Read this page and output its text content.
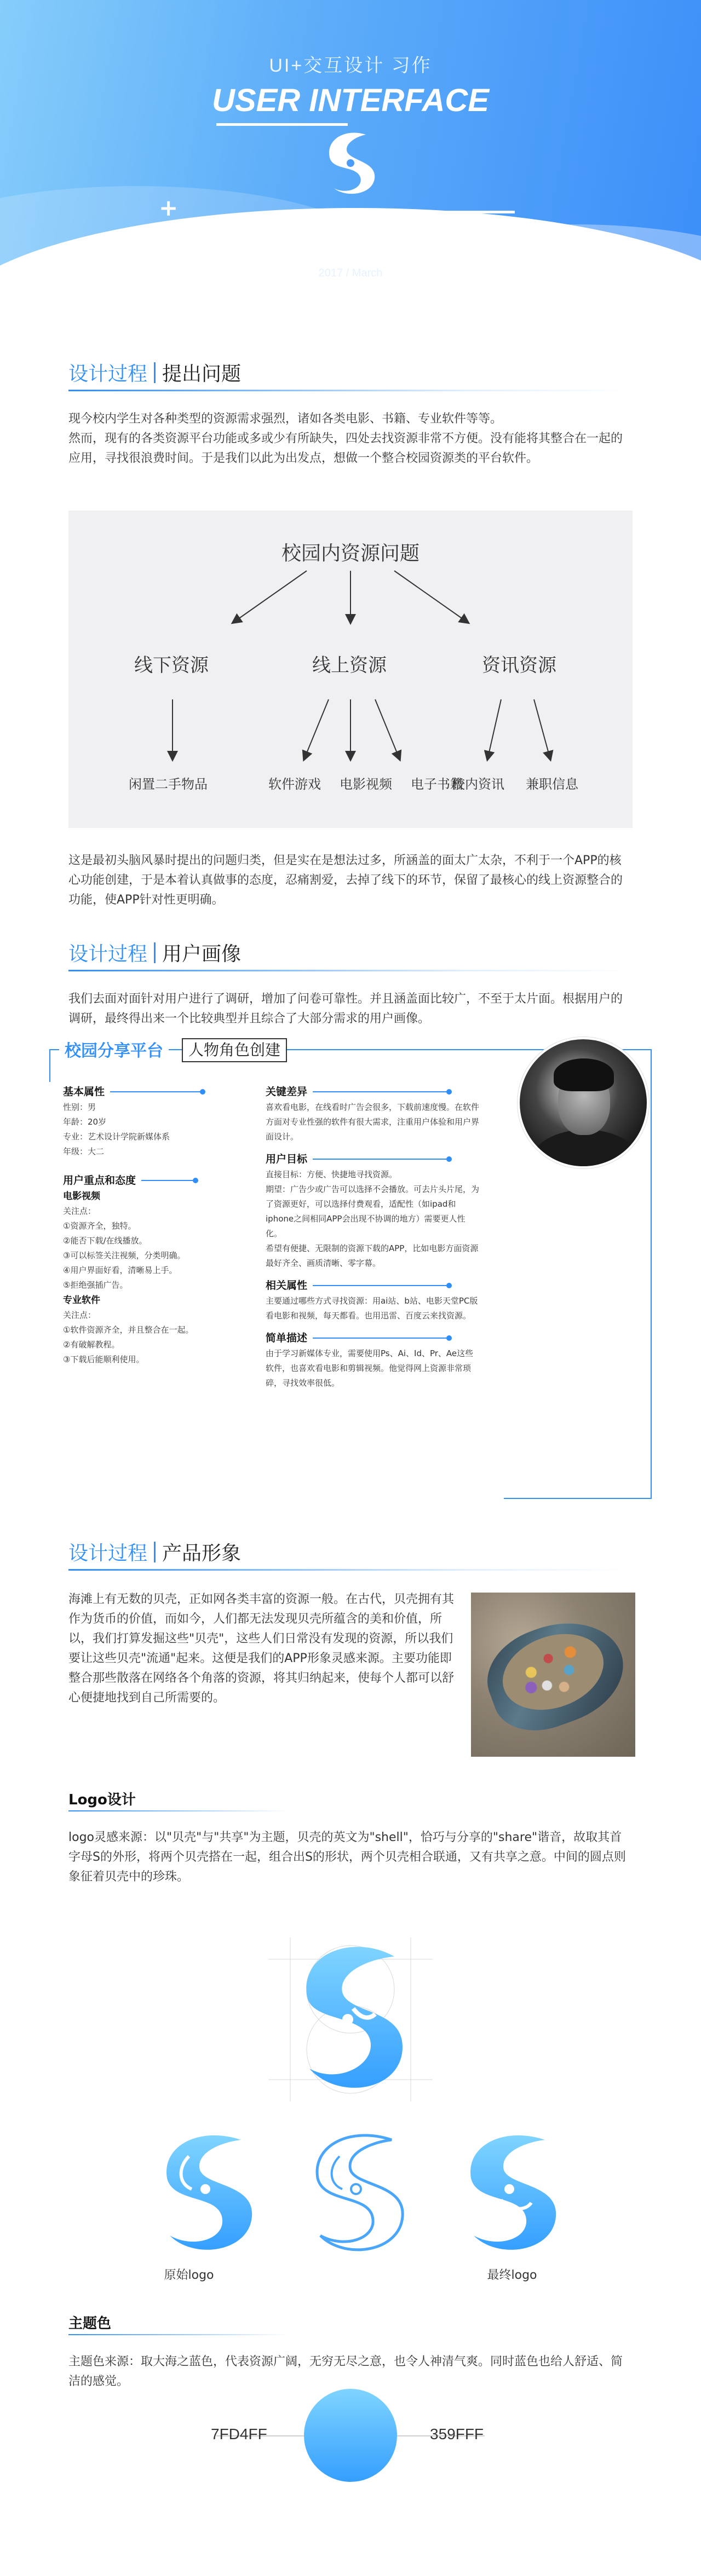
UI+交互设计 习作
USER INTERFACE
+
INTERACTIVE DESIGN
2017 / March
设计过程 提出问题
现今校内学生对各种类型的资源需求强烈，诸如各类电影、书籍、专业软件等等。
然而，现有的各类资源平台功能或多或少有所缺失，四处去找资源非常不方便。没有能将其整合在一起的应用，寻找很浪费时间。于是我们以此为出发点，想做一个整合校园资源类的平台软件。
校园内资源问题
线下资源	线上资源	资讯资源
闲置二手物品	软件游戏 电影视频 电子书籍
校内资讯 兼职信息
这是最初头脑风暴时提出的问题归类，但是实在是想法过多，所涵盖的面太广太杂，不利于一个APP的核心功能创建，于是本着认真做事的态度，忍痛割爱，去掉了线下的环节，保留了最核心的线上资源整合的功能，使APP针对性更明确。
设计过程 用户画像
我们去面对面针对用户进行了调研，增加了问卷可靠性。并且涵盖面比较广，不至于太片面。根据用户的调研，最终得出来一个比较典型并且综合了大部分需求的用户画像。
校园分享平台	人物角色创建
基本属性
性别：男
年龄：20岁
专业：艺术设计学院新媒体系
年级：大二
用户重点和态度
电影视频
关注点：
①资源齐全，独特。
②能否下载/在线播放。
③可以标签关注视频，分类明确。
④用户界面好看，清晰易上手。
⑤拒绝强插广告。
专业软件
关注点：
①软件资源齐全，并且整合在一起。
②有破解教程。
③下载后能顺利使用。
关键差异
喜欢看电影，在线看时广告会很多，下载前速度慢。在软件方面对专业性强的软件有很大需求，注重用户体验和用户界面设计。
用户目标
直接目标：方便、快捷地寻找资源。
期望：广告少或广告可以选择不会播放。可去片头片尾，为了资源更好，可以选择付费观看，适配性（如ipad和iphone之间相同APP会出现不协调的地方）需要更人性化。
希望有便捷、无限制的资源下载的APP，比如电影方面资源最好齐全、画质清晰、零字幕。
相关属性
主要通过哪些方式寻找资源：用ai站、b站、电影天堂PC版看电影和视频，每天都看。也用迅雷、百度云来找资源。
简单描述
由于学习新媒体专业，需要使用Ps、Ai、Id、Pr、Ae这些软件，也喜欢看电影和剪辑视频。他觉得网上资源非常琐碎，寻找效率很低。
设计过程 产品形象
海滩上有无数的贝壳，正如网各类丰富的资源一般。在古代，贝壳拥有其作为货币的价值，而如今，人们都无法发现贝壳所蕴含的美和价值，所以，我们打算发掘这些"贝壳"，这些人们日常没有发现的资源，所以我们要让这些贝壳"流通"起来。这便是我们的APP形象灵感来源。主要功能即整合那些散落在网络各个角落的资源，将其归纳起来，使每个人都可以舒心便捷地找到自己所需要的。
Logo设计
logo灵感来源：以"贝壳"与"共享"为主题，贝壳的英文为"shell"，恰巧与分享的"share"谐音，故取其首字母S的外形，将两个贝壳搭在一起，组合出S的形状，两个贝壳相合联通，又有共享之意。中间的圆点则象征着贝壳中的珍珠。
原始logo	最终logo
主题色
主题色来源：取大海之蓝色，代表资源广阔，无穷无尽之意，也令人神清气爽。同时蓝色也给人舒适、简洁的感觉。
7FD4FF	359FFF
